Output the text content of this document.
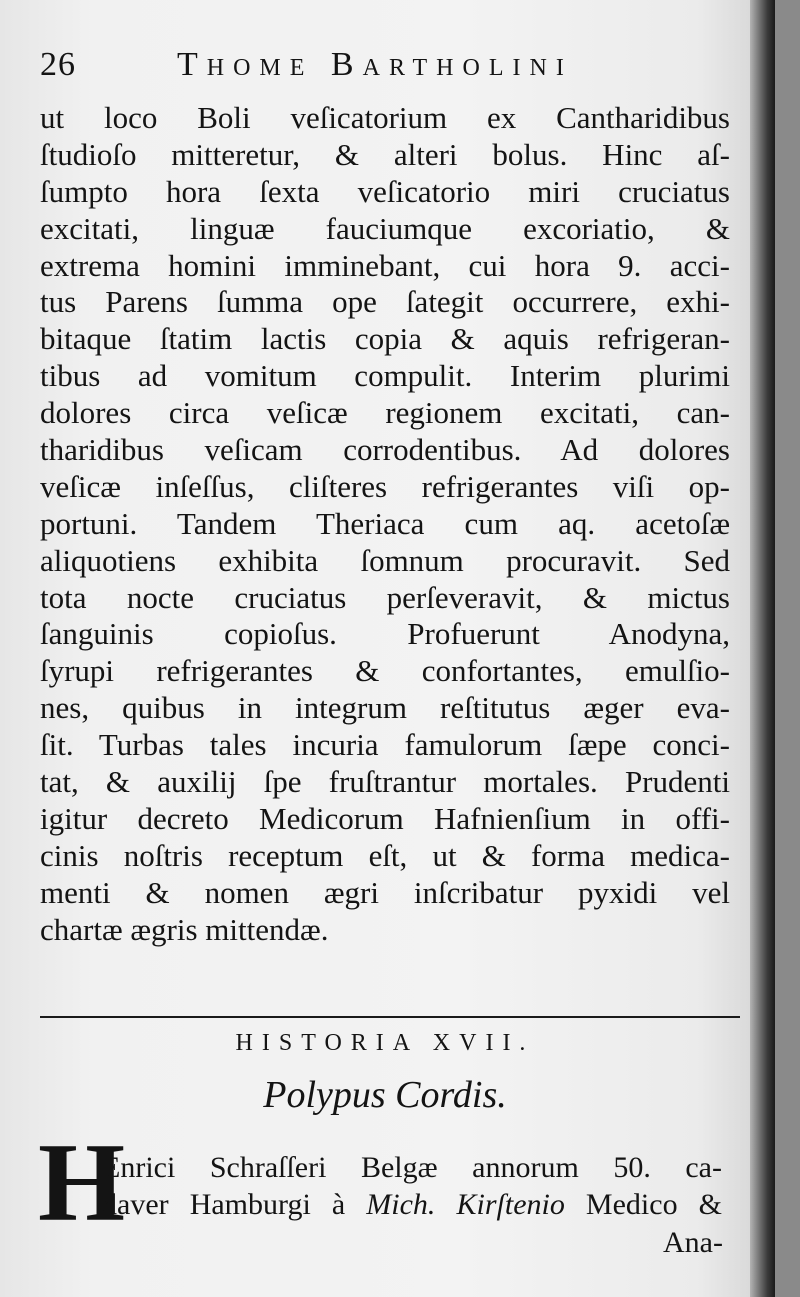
26	Thome Bartholini
ut loco Boli veſicatorium ex Cantharidibus
ſtudioſo mitteretur, & alteri bolus. Hinc aſ-
ſumpto hora ſexta veſicatorio miri cruciatus
excitati, linguæ fauciumque excoriatio, &
extrema homini imminebant, cui hora 9. acci-
tus Parens ſumma ope ſategit occurrere, exhi-
bitaque ſtatim lactis copia & aquis refrigeran-
tibus ad vomitum compulit. Interim plurimi
dolores circa veſicæ regionem excitati, can-
tharidibus veſicam corrodentibus. Ad dolores
veſicæ inſeſſus, cliſteres refrigerantes viſi op-
portuni. Tandem Theriaca cum aq. acetoſæ
aliquotiens exhibita ſomnum procuravit. Sed
tota nocte cruciatus perſeveravit, & mictus
ſanguinis copioſus. Profuerunt Anodyna,
ſyrupi refrigerantes & confortantes, emulſio-
nes, quibus in integrum reſtitutus æger eva-
ſit. Turbas tales incuria famulorum ſæpe conci-
tat, & auxilij ſpe fruſtrantur mortales. Prudenti
igitur decreto Medicorum Hafnienſium in offi-
cinis noſtris receptum eſt, ut & forma medica-
menti & nomen ægri inſcribatur pyxidi vel
chartæ ægris mittendæ.
HISTORIA XVII.
Polypus Cordis.
H
Enrici Schraſſeri Belgæ annorum 50. ca-
daver Hamburgi à Mich. Kirſtenio Medico &
Ana-
